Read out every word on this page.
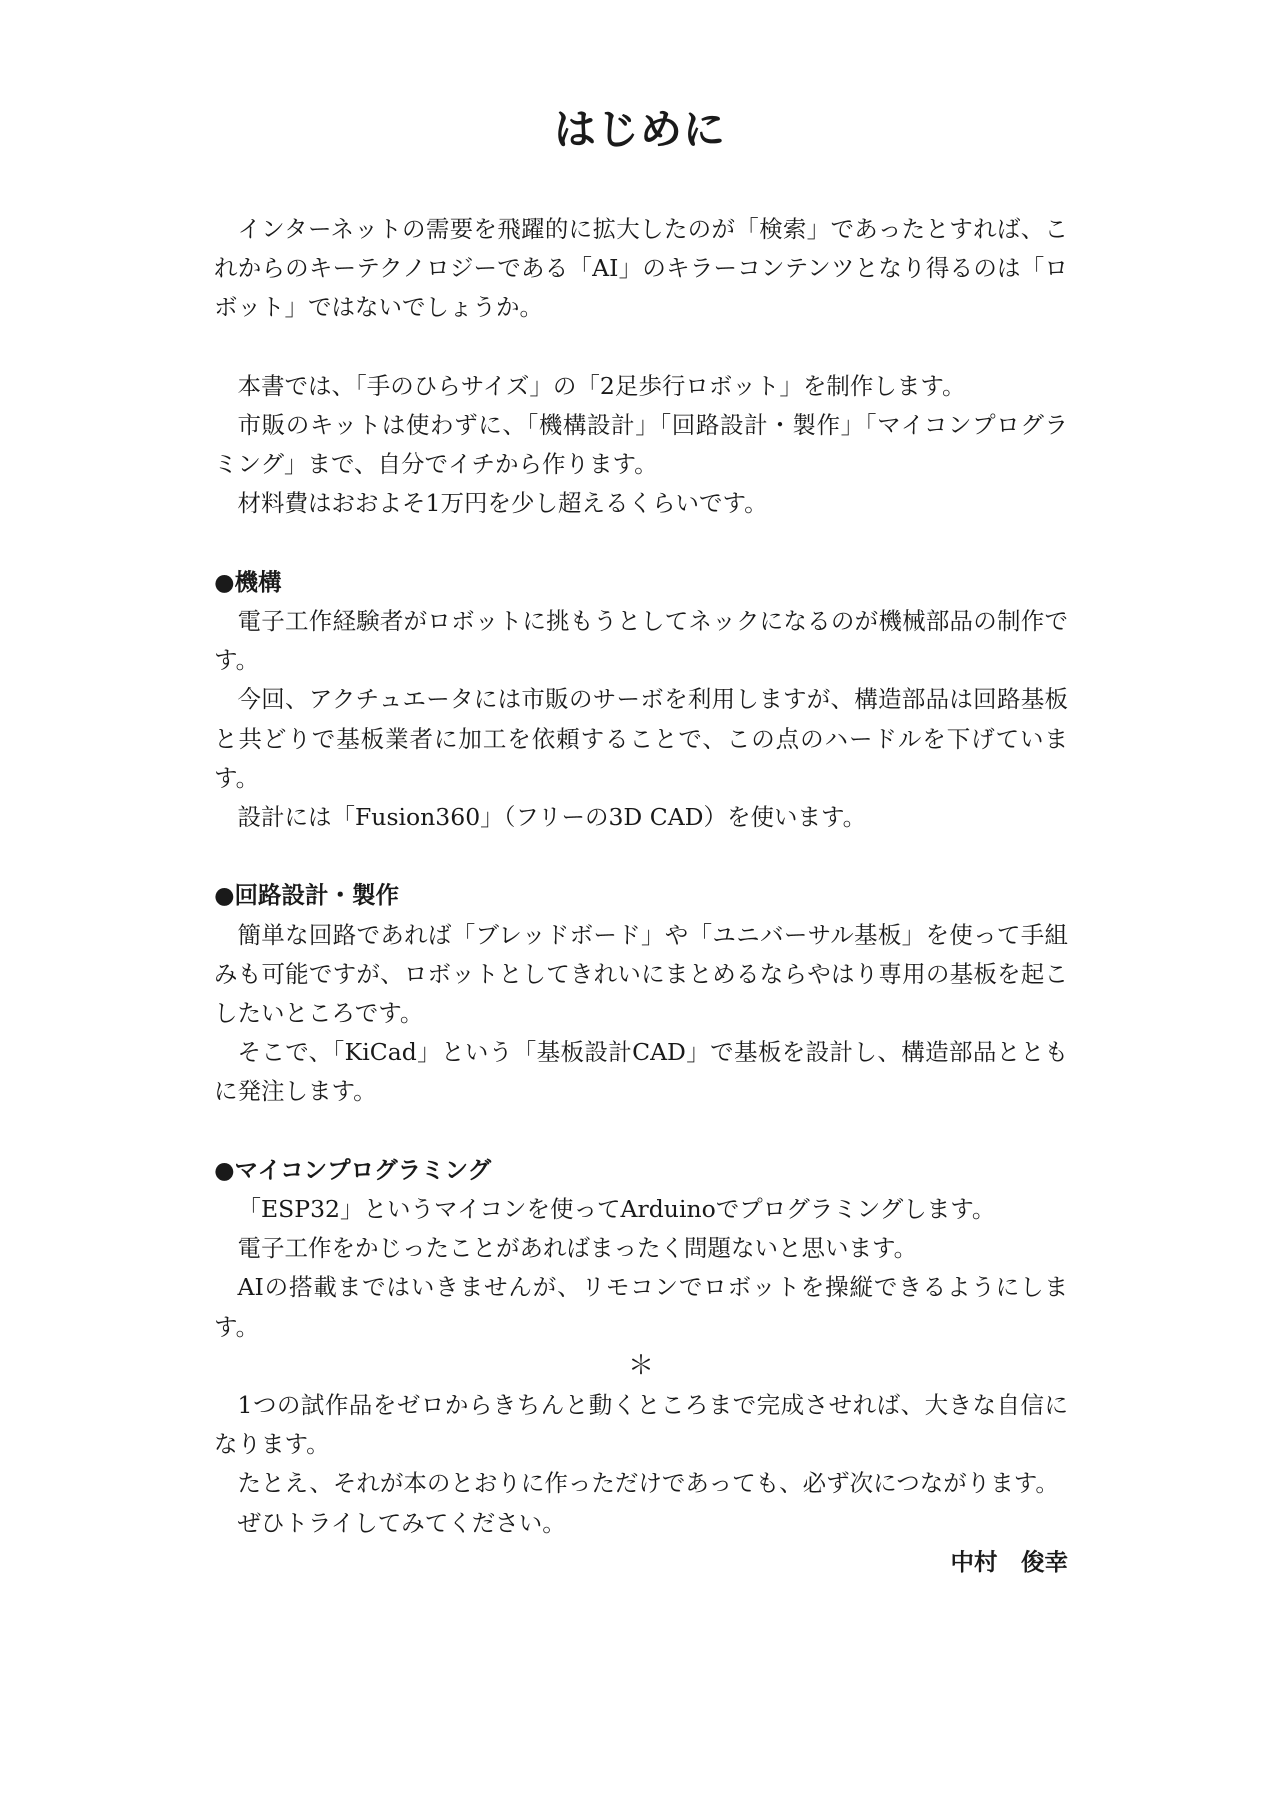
はじめに

インターネットの需要を飛躍的に拡大したのが「検索」であったとすれば、これからのキーテクノロジーである「AI」のキラーコンテンツとなり得るのは「ロボット」ではないでしょうか。

本書では、「手のひらサイズ」の「2足歩行ロボット」を制作します。

市販のキットは使わずに、「機構設計」「回路設計・製作」「マイコンプログラミング」まで、自分でイチから作ります。

材料費はおおよそ1万円を少し超えるくらいです。

●機構

電子工作経験者がロボットに挑もうとしてネックになるのが機械部品の制作です。

今回、アクチュエータには市販のサーボを利用しますが、構造部品は回路基板と共どりで基板業者に加工を依頼することで、この点のハードルを下げています。

設計には「Fusion360」（フリーの3D CAD）を使います。

●回路設計・製作

簡単な回路であれば「ブレッドボード」や「ユニバーサル基板」を使って手組みも可能ですが、ロボットとしてきれいにまとめるならやはり専用の基板を起こしたいところです。

そこで、「KiCad」という「基板設計CAD」で基板を設計し、構造部品とともに発注します。

●マイコンプログラミング

「ESP32」というマイコンを使ってArduinoでプログラミングします。

電子工作をかじったことがあればまったく問題ないと思います。

AIの搭載まではいきませんが、リモコンでロボットを操縦できるようにします。

＊

1つの試作品をゼロからきちんと動くところまで完成させれば、大きな自信になります。

たとえ、それが本のとおりに作っただけであっても、必ず次につながります。

ぜひトライしてみてください。

中村　俊幸
